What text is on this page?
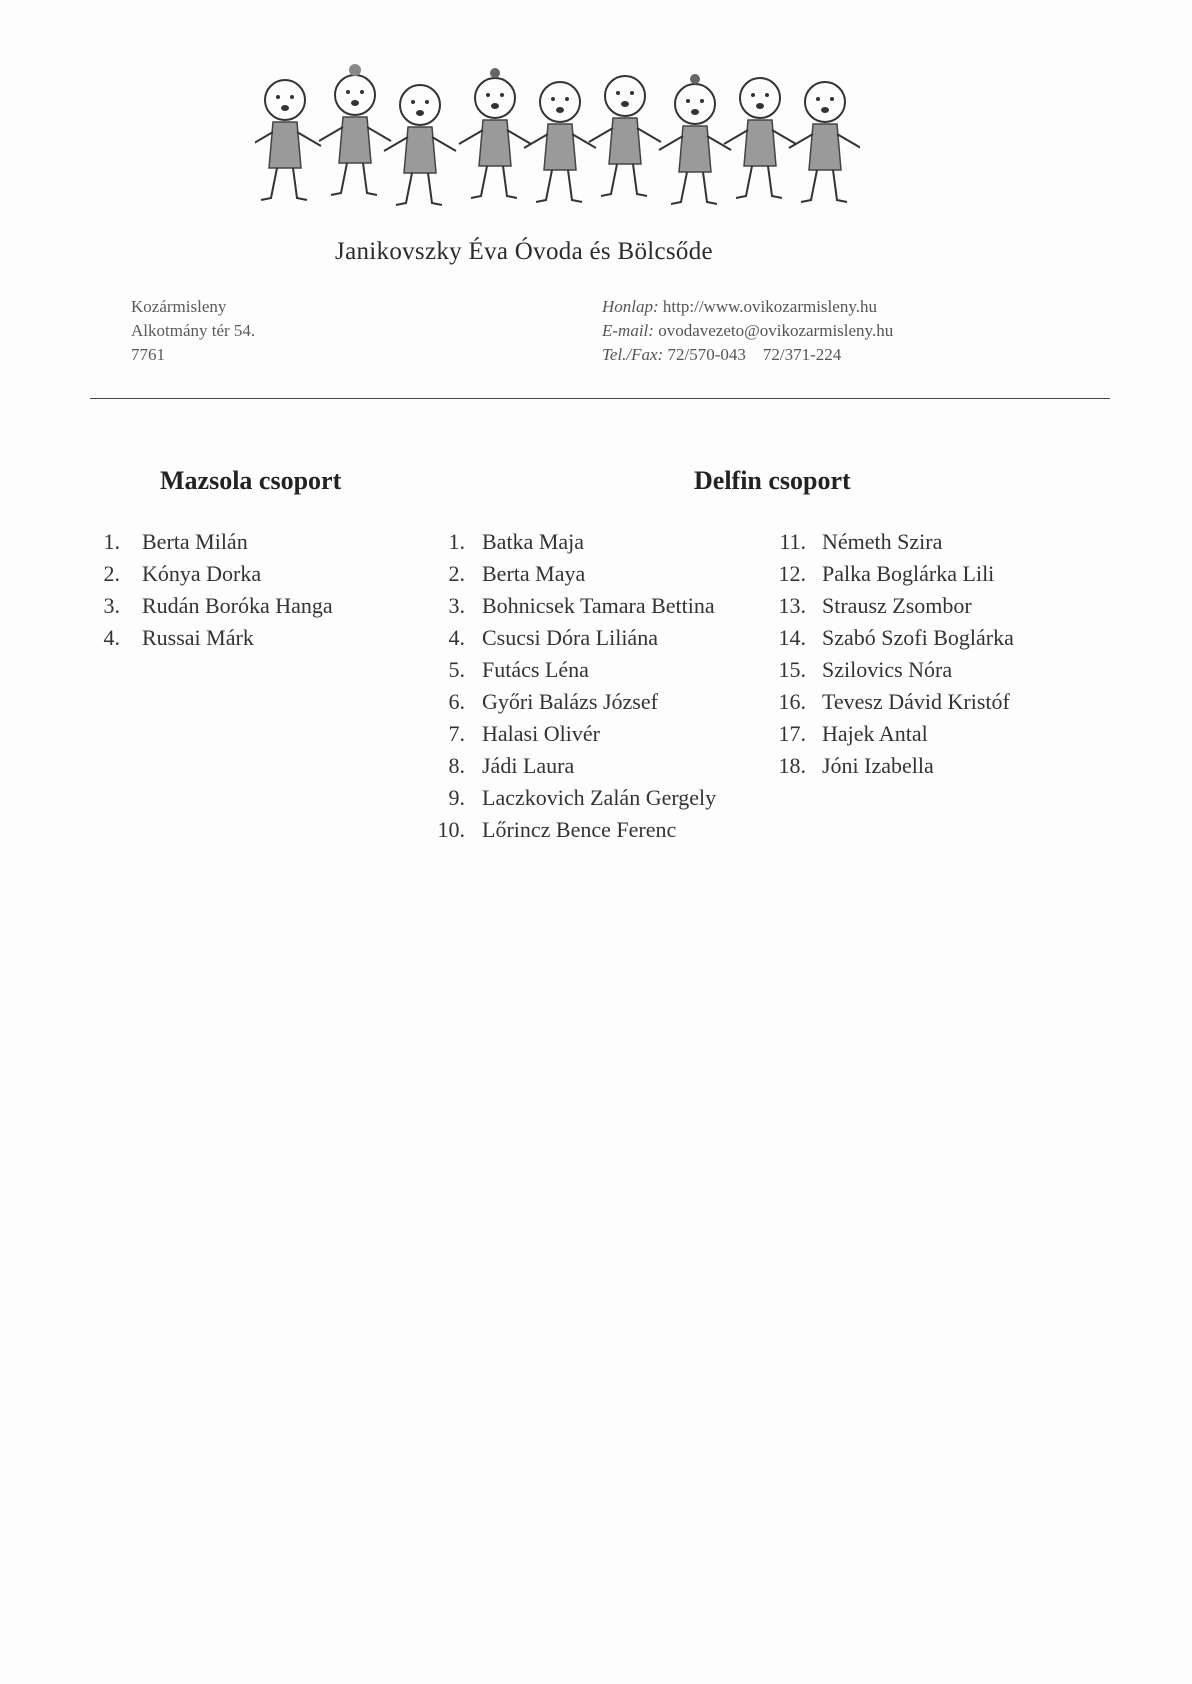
Janikovszky Éva Óvoda és Bölcsőde
Kozármisleny
Alkotmány tér 54.
7761
Honlap: http://www.ovikozarmisleny.hu
E-mail: ovodavezeto@ovikozarmisleny.hu
Tel./Fax: 72/570-043    72/371-224
Mazsola csoport	Delfin csoport
1. Berta Milán
2. Kónya Dorka
3. Rudán Boróka Hanga
4. Russai Márk
1. Batka Maja
2. Berta Maya
3. Bohnicsek Tamara Bettina
4. Csucsi Dóra Liliána
5. Futács Léna
6. Győri Balázs József
7. Halasi Olivér
8. Jádi Laura
9. Laczkovich Zalán Gergely
10. Lőrincz Bence Ferenc
11. Németh Szira
12. Palka Boglárka Lili
13. Strausz Zsombor
14. Szabó Szofi Boglárka
15. Szilovics Nóra
16. Tevesz Dávid Kristóf
17. Hajek Antal
18. Jóni Izabella
